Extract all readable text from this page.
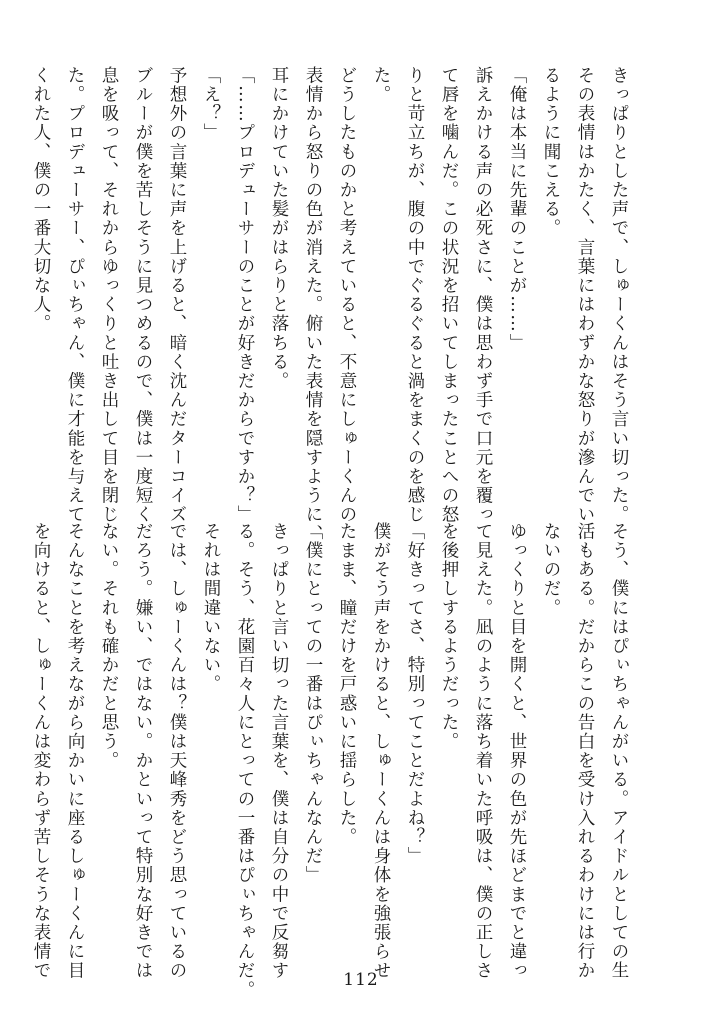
きっぱりとした声で、しゅーくんはそう言い切った。
その表情はかたく、言葉にはわずかな怒りが滲んでい
るように聞こえる。
「俺は本当に先輩のことが……」
訴えかける声の必死さに、僕は思わず手で口元を覆っ
て唇を噛んだ。この状況を招いてしまったことへの怒
りと苛立ちが、腹の中でぐるぐると渦をまくのを感じ
た。
どうしたものかと考えていると、不意にしゅーくんの
表情から怒りの色が消えた。俯いた表情を隠すように、
耳にかけていた髪がはらりと落ちる。
「……プロデューサーのことが好きだからですか？」
「え？」
予想外の言葉に声を上げると、暗く沈んだターコイズ
ブルーが僕を苦しそうに見つめるので、僕は一度短く
息を吸って、それからゆっくりと吐き出して目を閉じ
た。プロデューサー、ぴぃちゃん、僕に才能を与えて
くれた人、僕の一番大切な人。
そう、僕にはぴぃちゃんがいる。アイドルとしての生
活もある。だからこの告白を受け入れるわけには行か
ないのだ。
ゆっくりと目を開くと、世界の色が先ほどまでと違っ
て見えた。凪のように落ち着いた呼吸は、僕の正しさ
を後押しするようだった。
「好きってさ、特別ってことだよね？」
僕がそう声をかけると、しゅーくんは身体を強張らせ
たまま、瞳だけを戸惑いに揺らした。
「僕にとっての一番はぴぃちゃんなんだ」
きっぱりと言い切った言葉を、僕は自分の中で反芻す
る。そう、花園百々人にとっての一番はぴぃちゃんだ。
それは間違いない。
では、しゅーくんは？僕は天峰秀をどう思っているの
だろう。嫌い、ではない。かといって特別な好きでは
ない。それも確かだと思う。
そんなことを考えながら向かいに座るしゅーくんに目
を向けると、しゅーくんは変わらず苦しそうな表情で	112
